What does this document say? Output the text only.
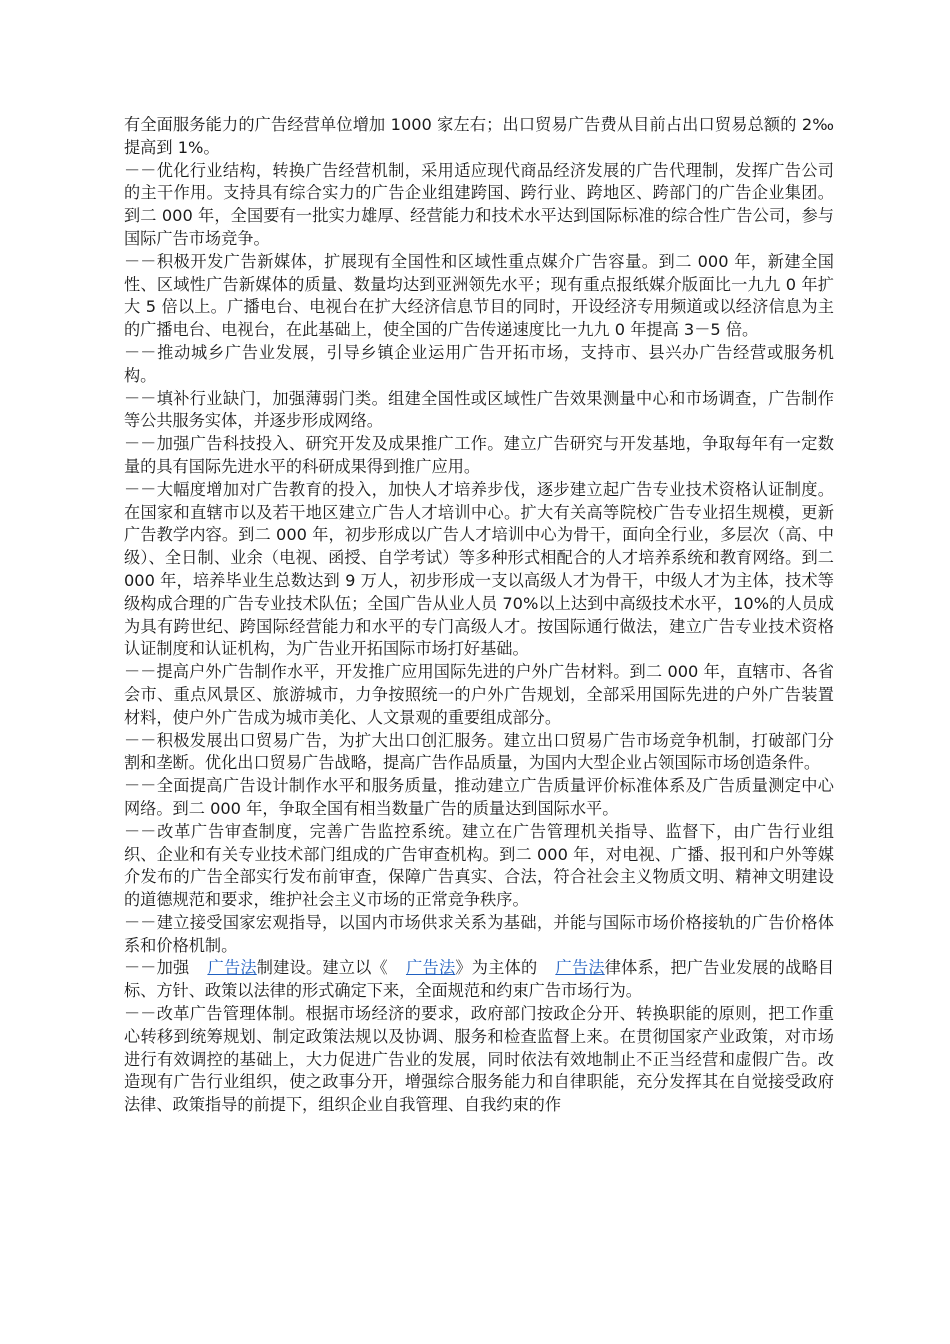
有全面服务能力的广告经营单位增加 1000 家左右；出口贸易广告费从目前占出口贸易总额的 2‰提高到 1%。

－－优化行业结构，转换广告经营机制，采用适应现代商品经济发展的广告代理制，发挥广告公司的主干作用。支持具有综合实力的广告企业组建跨国、跨行业、跨地区、跨部门的广告企业集团。到二 000 年，全国要有一批实力雄厚、经营能力和技术水平达到国际标准的综合性广告公司，参与国际广告市场竞争。

－－积极开发广告新媒体，扩展现有全国性和区域性重点媒介广告容量。到二 000 年，新建全国性、区域性广告新媒体的质量、数量均达到亚洲领先水平；现有重点报纸媒介版面比一九九 0 年扩大 5 倍以上。广播电台、电视台在扩大经济信息节目的同时，开设经济专用频道或以经济信息为主的广播电台、电视台，在此基础上，使全国的广告传递速度比一九九 0 年提高 3－5 倍。

－－推动城乡广告业发展，引导乡镇企业运用广告开拓市场，支持市、县兴办广告经营或服务机构。

－－填补行业缺门，加强薄弱门类。组建全国性或区域性广告效果测量中心和市场调查，广告制作等公共服务实体，并逐步形成网络。

－－加强广告科技投入、研究开发及成果推广工作。建立广告研究与开发基地，争取每年有一定数量的具有国际先进水平的科研成果得到推广应用。

－－大幅度增加对广告教育的投入，加快人才培养步伐，逐步建立起广告专业技术资格认证制度。在国家和直辖市以及若干地区建立广告人才培训中心。扩大有关高等院校广告专业招生规模，更新广告教学内容。到二 000 年，初步形成以广告人才培训中心为骨干，面向全行业，多层次（高、中级）、全日制、业余（电视、函授、自学考试）等多种形式相配合的人才培养系统和教育网络。到二 000 年，培养毕业生总数达到 9 万人，初步形成一支以高级人才为骨干，中级人才为主体，技术等级构成合理的广告专业技术队伍；全国广告从业人员 70%以上达到中高级技术水平，10%的人员成为具有跨世纪、跨国际经营能力和水平的专门高级人才。按国际通行做法，建立广告专业技术资格认证制度和认证机构，为广告业开拓国际市场打好基础。

－－提高户外广告制作水平，开发推广应用国际先进的户外广告材料。到二 000 年，直辖市、各省会市、重点风景区、旅游城市，力争按照统一的户外广告规划，全部采用国际先进的户外广告装置材料，使户外广告成为城市美化、人文景观的重要组成部分。

－－积极发展出口贸易广告，为扩大出口创汇服务。建立出口贸易广告市场竞争机制，打破部门分割和垄断。优化出口贸易广告战略，提高广告作品质量，为国内大型企业占领国际市场创造条件。

－－全面提高广告设计制作水平和服务质量，推动建立广告质量评价标准体系及广告质量测定中心网络。到二 000 年，争取全国有相当数量广告的质量达到国际水平。

－－改革广告审查制度，完善广告监控系统。建立在广告管理机关指导、监督下，由广告行业组织、企业和有关专业技术部门组成的广告审查机构。到二 000 年，对电视、广播、报刊和户外等媒介发布的广告全部实行发布前审查，保障广告真实、合法，符合社会主义物质文明、精神文明建设的道德规范和要求，维护社会主义市场的正常竞争秩序。

－－建立接受国家宏观指导，以国内市场供求关系为基础，并能与国际市场价格接轨的广告价格体系和价格机制。

－－加强 广告法制建设。建立以《 广告法》为主体的 广告法律体系，把广告业发展的战略目标、方针、政策以法律的形式确定下来，全面规范和约束广告市场行为。

－－改革广告管理体制。根据市场经济的要求，政府部门按政企分开、转换职能的原则，把工作重心转移到统筹规划、制定政策法规以及协调、服务和检查监督上来。在贯彻国家产业政策，对市场进行有效调控的基础上，大力促进广告业的发展，同时依法有效地制止不正当经营和虚假广告。改造现有广告行业组织，使之政事分开，增强综合服务能力和自律职能，充分发挥其在自觉接受政府法律、政策指导的前提下，组织企业自我管理、自我约束的作
